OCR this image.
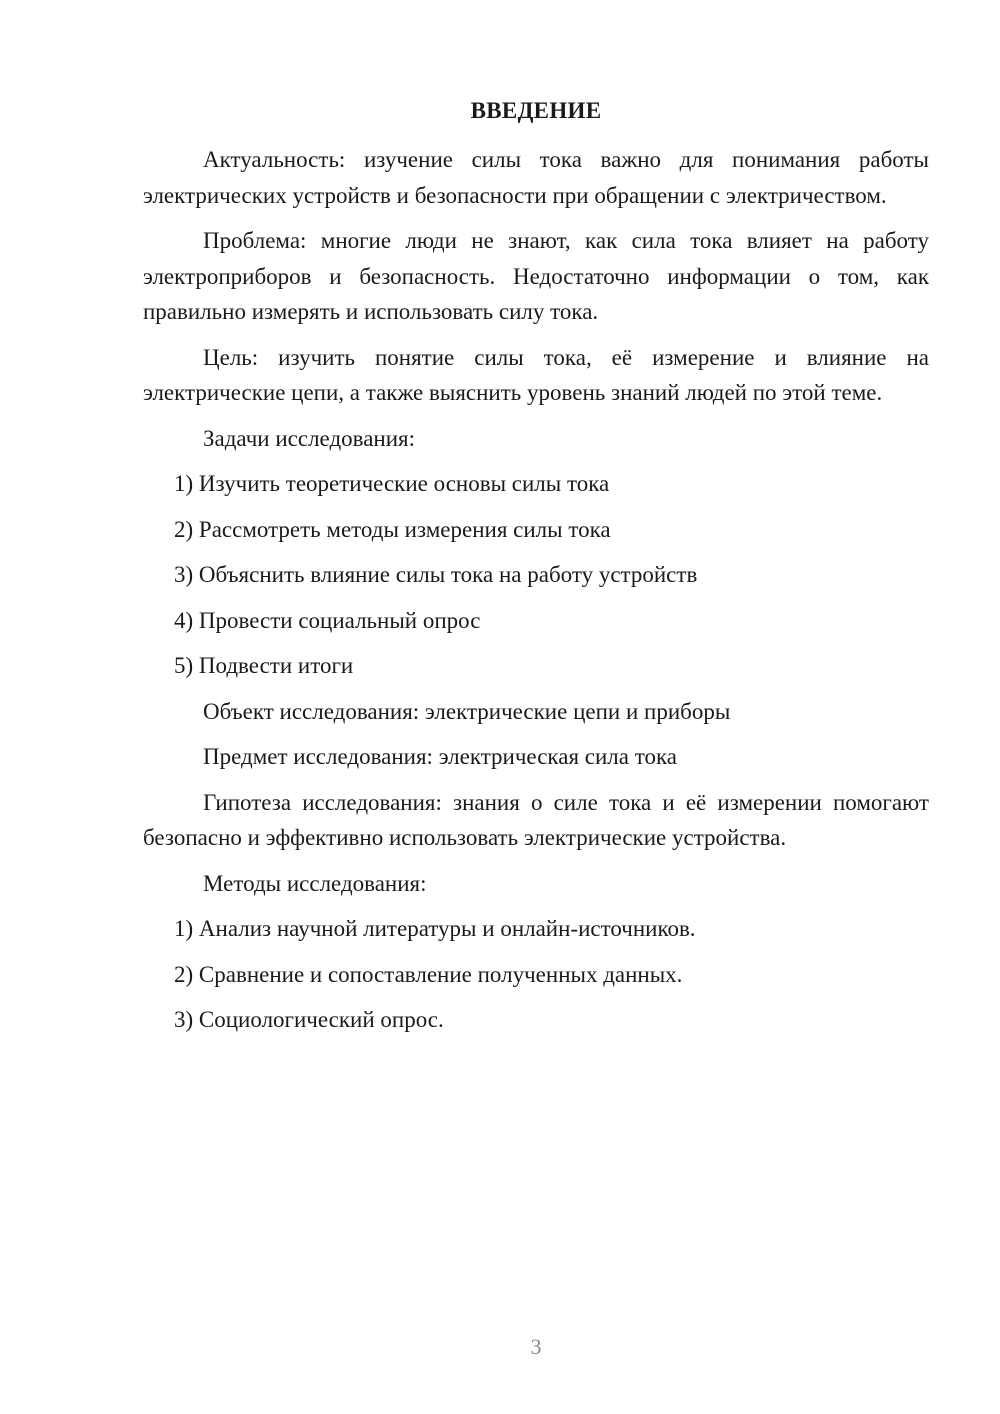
ВВЕДЕНИЕ

Актуальность: изучение силы тока важно для понимания работы электрических устройств и безопасности при обращении с электричеством.

Проблема: многие люди не знают, как сила тока влияет на работу электроприборов и безопасность. Недостаточно информации о том, как правильно измерять и использовать силу тока.

Цель: изучить понятие силы тока, её измерение и влияние на электрические цепи, а также выяснить уровень знаний людей по этой теме.

Задачи исследования:
1) Изучить теоретические основы силы тока
2) Рассмотреть методы измерения силы тока
3) Объяснить влияние силы тока на работу устройств
4) Провести социальный опрос
5) Подвести итоги
Объект исследования: электрические цепи и приборы
Предмет исследования: электрическая сила тока

Гипотеза исследования: знания о силе тока и её измерении помогают безопасно и эффективно использовать электрические устройства.

Методы исследования:
1) Анализ научной литературы и онлайн-источников.
2) Сравнение и сопоставление полученных данных.
3) Социологический опрос.
3
